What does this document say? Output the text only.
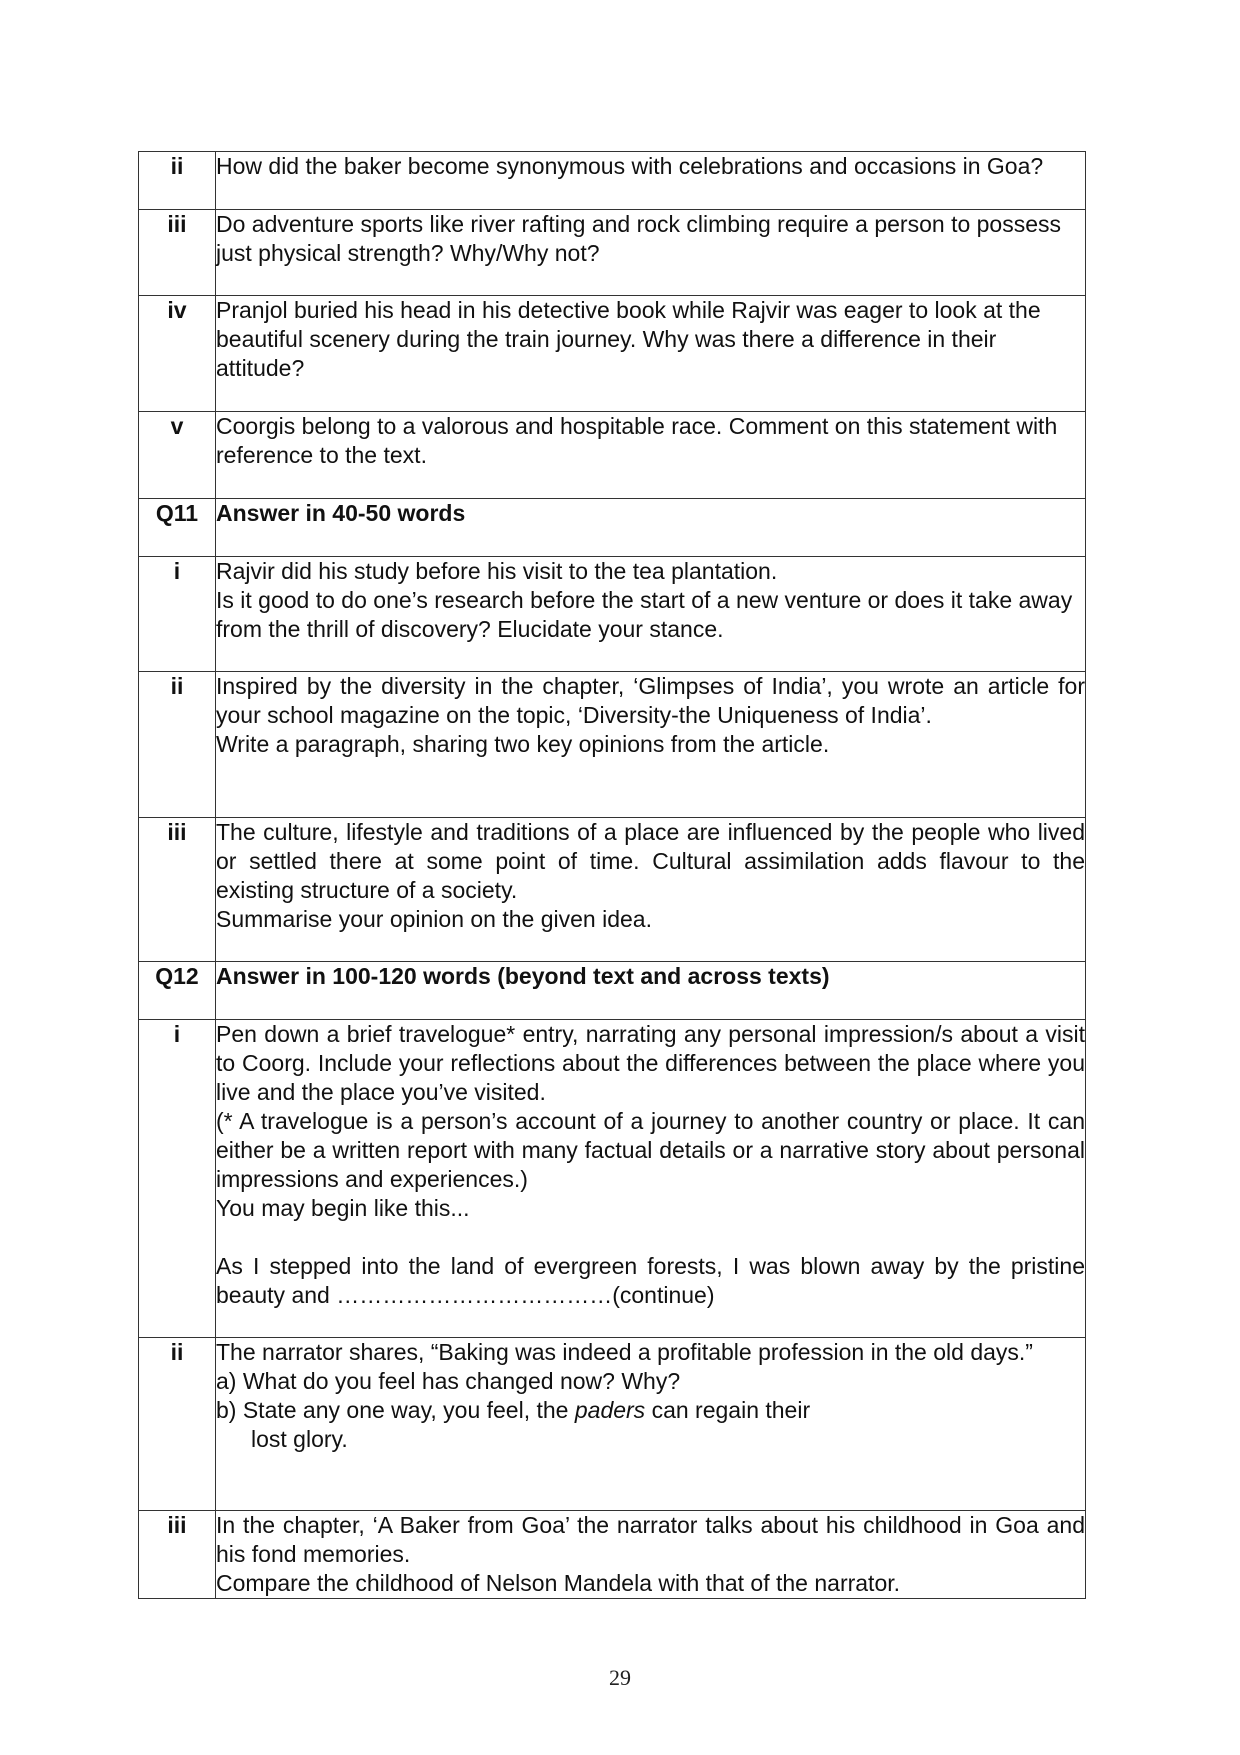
ii	How did the baker become synonymous with celebrations and occasions in Goa?

iii	Do adventure sports like river rafting and rock climbing require a person to possess just physical strength? Why/Why not?

iv	Pranjol buried his head in his detective book while Rajvir was eager to look at the beautiful scenery during the train journey. Why was there a difference in their attitude?

v	Coorgis belong to a valorous and hospitable race. Comment on this statement with reference to the text.

Q11	Answer in 40-50 words
i	Rajvir did his study before his visit to the tea plantation.
Is it good to do one’s research before the start of a new venture or does it take away from the thrill of discovery? Elucidate your stance.

ii	Inspired by the diversity in the chapter, ‘Glimpses of India’, you wrote an article for your school magazine on the topic, ‘Diversity-the Uniqueness of India’.
Write a paragraph, sharing two key opinions from the article.

iii	The culture, lifestyle and traditions of a place are influenced by the people who lived or settled there at some point of time. Cultural assimilation adds flavour to the existing structure of a society.
Summarise your opinion on the given idea.

Q12	Answer in 100-120 words (beyond text and across texts)
i	Pen down a brief travelogue* entry, narrating any personal impression/s about a visit to Coorg. Include your reflections about the differences between the place where you live and the place you’ve visited.
(* A travelogue is a person’s account of a journey to another country or place. It can either be a written report with many factual details or a narrative story about personal impressions and experiences.)
You may begin like this...
As I stepped into the land of evergreen forests, I was blown away by the pristine beauty and ………………………………(continue)

ii	The narrator shares, “Baking was indeed a profitable profession in the old days.”
a) What do you feel has changed now? Why?
b) State any one way, you feel, the paders can regain their
lost glory.

iii	In the chapter, ‘A Baker from Goa’ the narrator talks about his childhood in Goa and his fond memories.
Compare the childhood of Nelson Mandela with that of the narrator.
29
